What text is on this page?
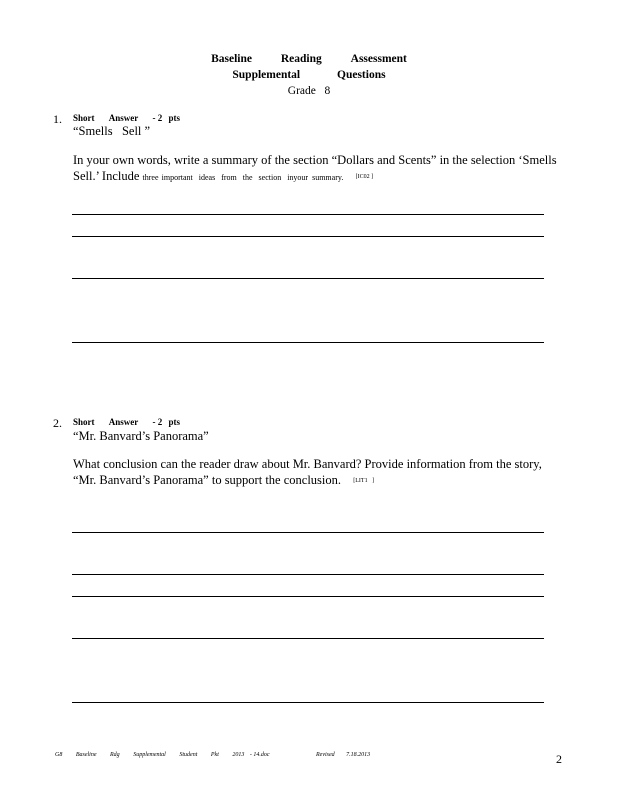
Baseline	Reading	Assessment
Supplemental	Questions
Grade   8
1. Short Answer - 2 pts
“Smells   Sell ”
In your own words, write a summary of the section “Dollars and Scents” in the selection ‘Smells Sell.’ Include three important   ideas   from   the   section   inyour  summary. [IC02 ]
2. Short Answer - 2 pts
“Mr. Banvard’s Panorama”
What conclusion can the reader draw about Mr. Banvard? Provide information from the story, “Mr. Banvard’s Panorama” to support the conclusion. [LIT1   ]
G8 Baseline Rdg Supplemental Student Pkt 2013 - 14.doc	Revised 7.18.2013	2
